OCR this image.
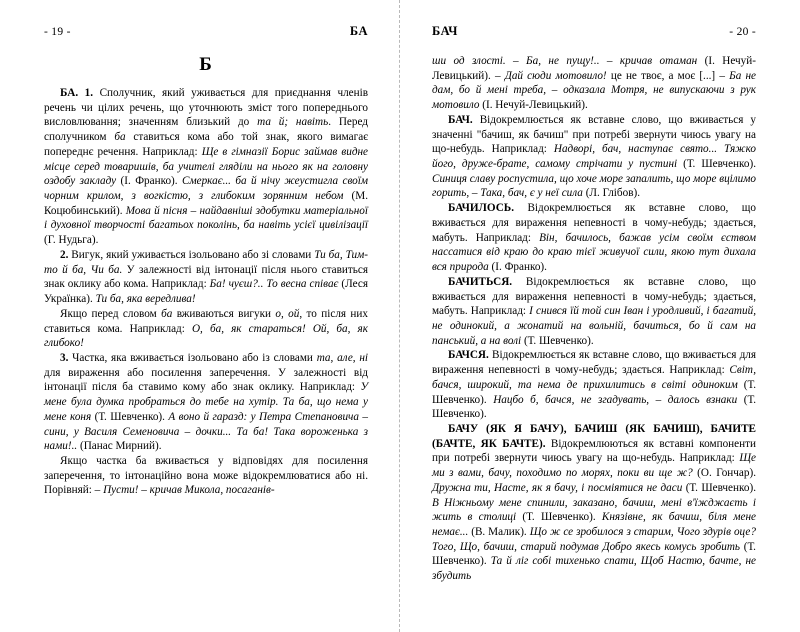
- 19 -	БА
Б

БА. 1. Сполучник, який уживається для приєднання членів речень чи цілих речень, що уточнюють зміст того попереднього висловлювання; значенням близький до та й; навіть. Перед сполучником ба ставиться кома або той знак, якого вимагає попереднє речення. Наприклад: Ще в гімназії Борис займав видне місце серед товаришів, ба учителі гляділи на нього як на головну оздобу закладу (І. Франко). Смеркає... ба й нічу жеустигла своїм чорним крилом, з вогкістю, з глибоким зорянним небом (М. Коцюбинський). Мова й пісня – найдавніші здобутки матеріальної і духовної творчості багатьох поколінь, ба навіть усієї цивілізації (Г. Нудьга).

2. Вигук, який уживається ізольовано або зі словами Ти ба, Тим-то й ба, Чи ба. У залежності від інтонації після нього ставиться знак оклику або кома. Наприклад: Ба! чуєш?.. То весна співає (Леся Українка). Ти ба, яка вередлива!

Якщо перед словом ба вживаються вигуки о, ой, то після них ставиться кома. Наприклад: О, ба, як стараться! Ой, ба, як глибоко!

3. Частка, яка вживається ізольовано або із словами та, але, ні для вираження або посилення заперечення. У залежності від інтонації після ба ставимо кому або знак оклику. Наприклад: У мене була думка пробраться до тебе на хутір. Та ба, що нема у мене коня (Т. Шевченко). А воно й гаразд: у Петра Степановича – сини, у Василя Семеновича – дочки... Та ба! Така вороженька з нами!.. (Панас Мирний).

Якщо частка ба вживається у відповідях для посилення заперечення, то інтонаційно вона може відокремлюватися або ні. Порівняй: – Пусти! – кричав Микола, посаганів-

БАЧ	- 20 -

ши од злості. – Ба, не пущу!.. – кричав отаман (І. Нечуй-Левицький). – Дай сюди мотовило! це не твоє, а моє [...] – Ба не дам, бо й мені треба, – одказала Мотря, не випускаючи з рук мотовило (І. Нечуй-Левицький).

БАЧ. Відокремлюється як вставне слово, що вживається у значенні "бачиш, як бачиш" при потребі звернути чиюсь увагу на що-небудь. Наприклад: Надворі, бач, наступає свято... Тяжко його, друже-брате, самому стрічати у пустині (Т. Шевченко). Синиця славу роспустила, що хоче море запалить, що море вцілимо горить, – Така, бач, є у неї сила (Л. Глібов).

БАЧИЛОСЬ. Відокремлюється як вставне слово, що вживається для вираження непевності в чому-небудь; здається, мабуть. Наприклад: Він, бачилось, бажав усім своїм єством нассатися від краю до краю тієї живучої сили, якою тут дихала вся природа (І. Франко).

БАЧИТЬСЯ. Відокремлюється як вставне слово, що вживається для вираження непевності в чому-небудь; здається, мабуть. Наприклад: І снився їй той син Іван і уродливий, і багатий, не одинокий, а жонатий на вольній, бачиться, бо й сам на панський, а на волі (Т. Шевченко).

БАЧСЯ. Відокремлюється як вставне слово, що вживається для вираження непевності в чому-небудь; здається. Наприклад: Світ, бачся, широкий, та нема де прихилитись в світі одиноким (Т. Шевченко). Нацбо б, бачся, не згадувать, – далось взнаки (Т. Шевченко).

БАЧУ (ЯК Я БАЧУ), БАЧИШ (ЯК БАЧИШ), БАЧИТЕ (БАЧТЕ, ЯК БАЧТЕ). Відокремлюються як вставні компоненти при потребі звернути чиюсь увагу на що-небудь. Наприклад: Ще ми з вами, бачу, походимо по морях, поки ви ще ж? (О. Гончар). Дружна ти, Насте, як я бачу, і посміятися не даси (Т. Шевченко). В Ніжньому мене спинили, заказано, бачиш, мені в'їжджаєть і жить в столиці (Т. Шевченко). Князівне, як бачиш, біля мене немає... (В. Малик). Що ж се зробилося з старим, Чого здурів оце? Того, Що, бачиш, старий подумав Добро якесь комусь зробить (Т. Шевченко). Та й ліг собі тихенько спати, Щоб Настю, бачте, не збудить
